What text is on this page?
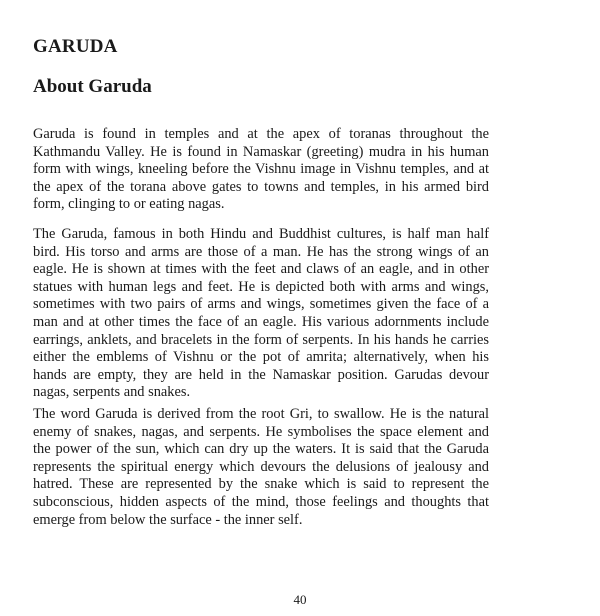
GARUDA
About Garuda

Garuda is found in temples and at the apex of toranas throughout the Kathmandu Valley. He is found in Namaskar (greeting) mudra in his human form with wings, kneeling before the Vishnu image in Vishnu temples, and at the apex of the torana above gates to towns and temples, in his armed bird form, clinging to or eating nagas.

The Garuda, famous in both Hindu and Buddhist cultures, is half man half bird. His torso and arms are those of a man. He has the strong wings of an eagle. He is shown at times with the feet and claws of an eagle, and in other statues with human legs and feet. He is depicted both with arms and wings, sometimes with two pairs of arms and wings, sometimes given the face of a man and at other times the face of an eagle. His various adornments include earrings, anklets, and bracelets in the form of serpents. In his hands he carries either the emblems of Vishnu or the pot of amrita; alternatively, when his hands are empty, they are held in the Namaskar position. Garudas devour nagas, serpents and snakes.

The word Garuda is derived from the root Gri, to swallow. He is the natural enemy of snakes, nagas, and serpents. He symbolises the space element and the power of the sun, which can dry up the waters. It is said that the Garuda represents the spiritual energy which devours the delusions of jealousy and hatred. These are represented by the snake which is said to represent the subconscious, hidden aspects of the mind, those feelings and thoughts that emerge from below the surface - the inner self.

40
